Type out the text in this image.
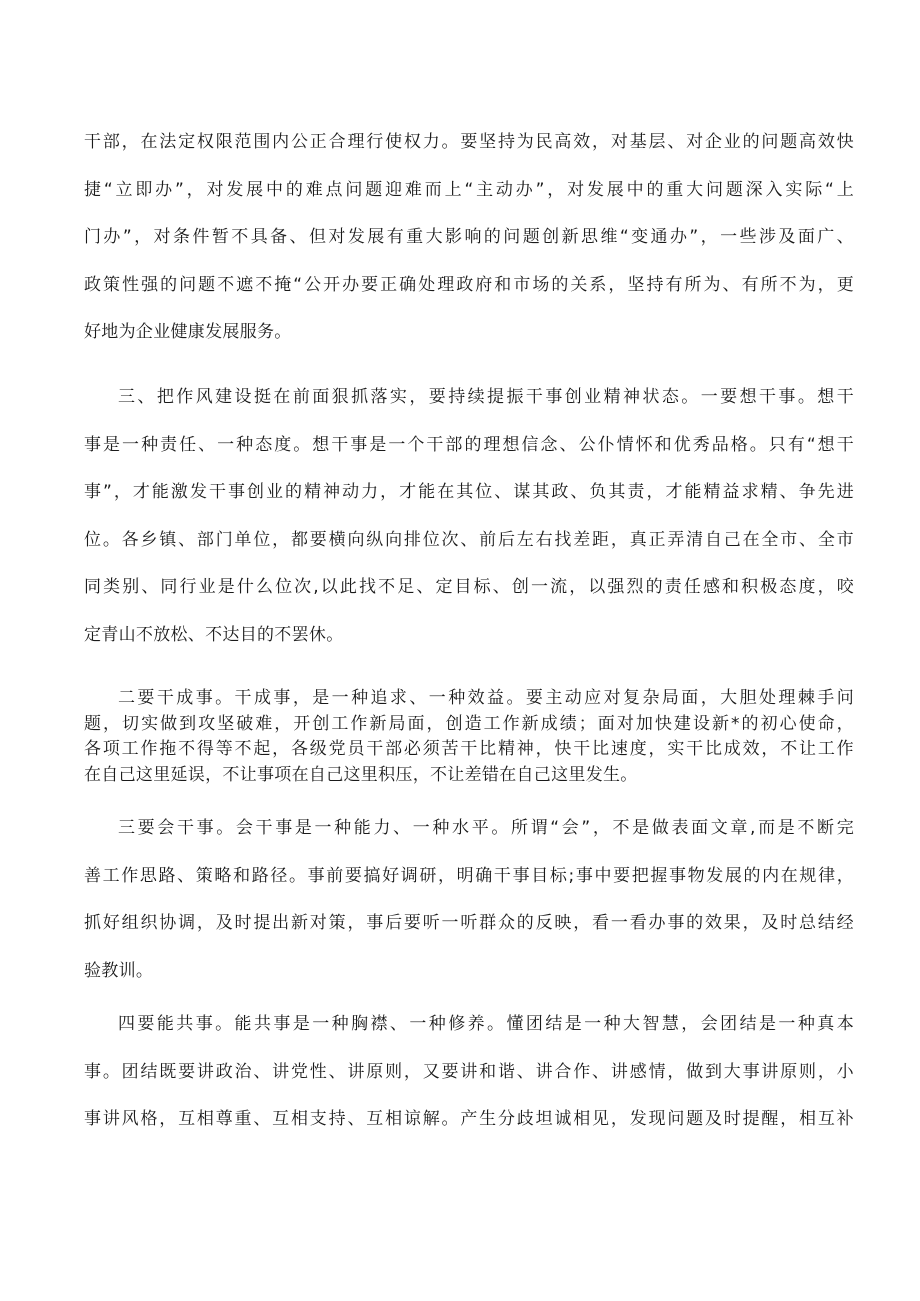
干部，在法定权限范围内公正合理行使权力。要坚持为民高效，对基层、对企业的问题高效快
捷“立即办”，对发展中的难点问题迎难而上“主动办”，对发展中的重大问题深入实际“上
门办”，对条件暂不具备、但对发展有重大影响的问题创新思维“变通办”，一些涉及面广、
政策性强的问题不遮不掩“公开办要正确处理政府和市场的关系，坚持有所为、有所不为，更
好地为企业健康发展服务。
三、把作风建设挺在前面狠抓落实，要持续提振干事创业精神状态。一要想干事。想干
事是一种责任、一种态度。想干事是一个干部的理想信念、公仆情怀和优秀品格。只有“想干
事”，才能激发干事创业的精神动力，才能在其位、谋其政、负其责，才能精益求精、争先进
位。各乡镇、部门单位，都要横向纵向排位次、前后左右找差距，真正弄清自己在全市、全市
同类别、同行业是什么位次,以此找不足、定目标、创一流，以强烈的责任感和积极态度，咬
定青山不放松、不达目的不罢休。
二要干成事。干成事，是一种追求、一种效益。要主动应对复杂局面，大胆处理棘手问
题，切实做到攻坚破难，开创工作新局面，创造工作新成绩；面对加快建设新*的初心使命，
各项工作拖不得等不起，各级党员干部必须苦干比精神，快干比速度，实干比成效，不让工作
在自己这里延误，不让事项在自己这里积压，不让差错在自己这里发生。
三要会干事。会干事是一种能力、一种水平。所谓“会”，不是做表面文章,而是不断完
善工作思路、策略和路径。事前要搞好调研，明确干事目标;事中要把握事物发展的内在规律，
抓好组织协调，及时提出新对策，事后要听一听群众的反映，看一看办事的效果，及时总结经
验教训。
四要能共事。能共事是一种胸襟、一种修养。懂团结是一种大智慧，会团结是一种真本
事。团结既要讲政治、讲党性、讲原则，又要讲和谐、讲合作、讲感情，做到大事讲原则，小
事讲风格，互相尊重、互相支持、互相谅解。产生分歧坦诚相见，发现问题及时提醒，相互补
